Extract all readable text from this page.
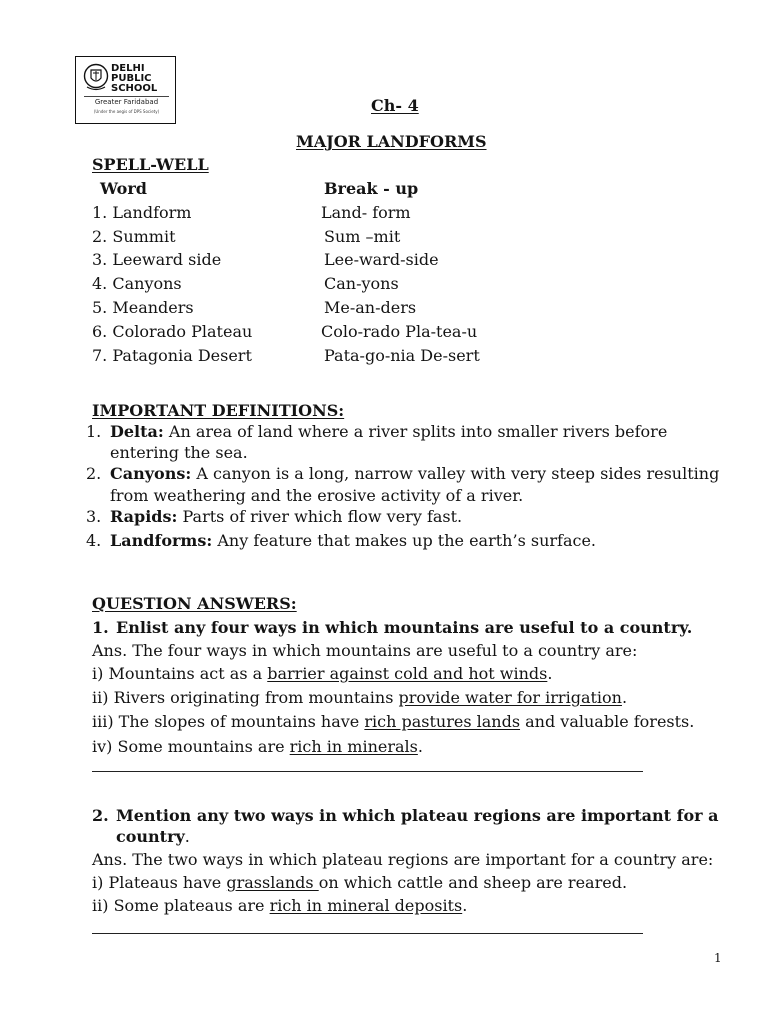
DELHI
PUBLIC
SCHOOL
Greater Faridabad
(Under the aegis of DPS Society)	Ch- 4
MAJOR LANDFORMS
SPELL-WELL
Word	Break - up
1. Landform	Land- form
2. Summit	Sum –mit
3. Leeward side	Lee-ward-side
4. Canyons	Can-yons
5. Meanders	Me-an-ders
6. Colorado Plateau	Colo-rado Pla-tea-u
7. Patagonia Desert	Pata-go-nia De-sert
IMPORTANT DEFINITIONS:
1. Delta: An area of land where a river splits into smaller rivers before
entering the sea.
2. Canyons: A canyon is a long, narrow valley with very steep sides resulting
from weathering and the erosive activity of a river.
3. Rapids: Parts of river which flow very fast.
4. Landforms: Any feature that makes up the earth’s surface.
QUESTION ANSWERS:
1. Enlist any four ways in which mountains are useful to a country.
Ans. The four ways in which mountains are useful to a country are:
i) Mountains act as a barrier against cold and hot winds.
ii) Rivers originating from mountains provide water for irrigation.
iii) The slopes of mountains have rich pastures lands and valuable forests.
iv) Some mountains are rich in minerals.
2. Mention any two ways in which plateau regions are important for a
country.
Ans. The two ways in which plateau regions are important for a country are:
i) Plateaus have grasslands on which cattle and sheep are reared.
ii) Some plateaus are rich in mineral deposits.
1
